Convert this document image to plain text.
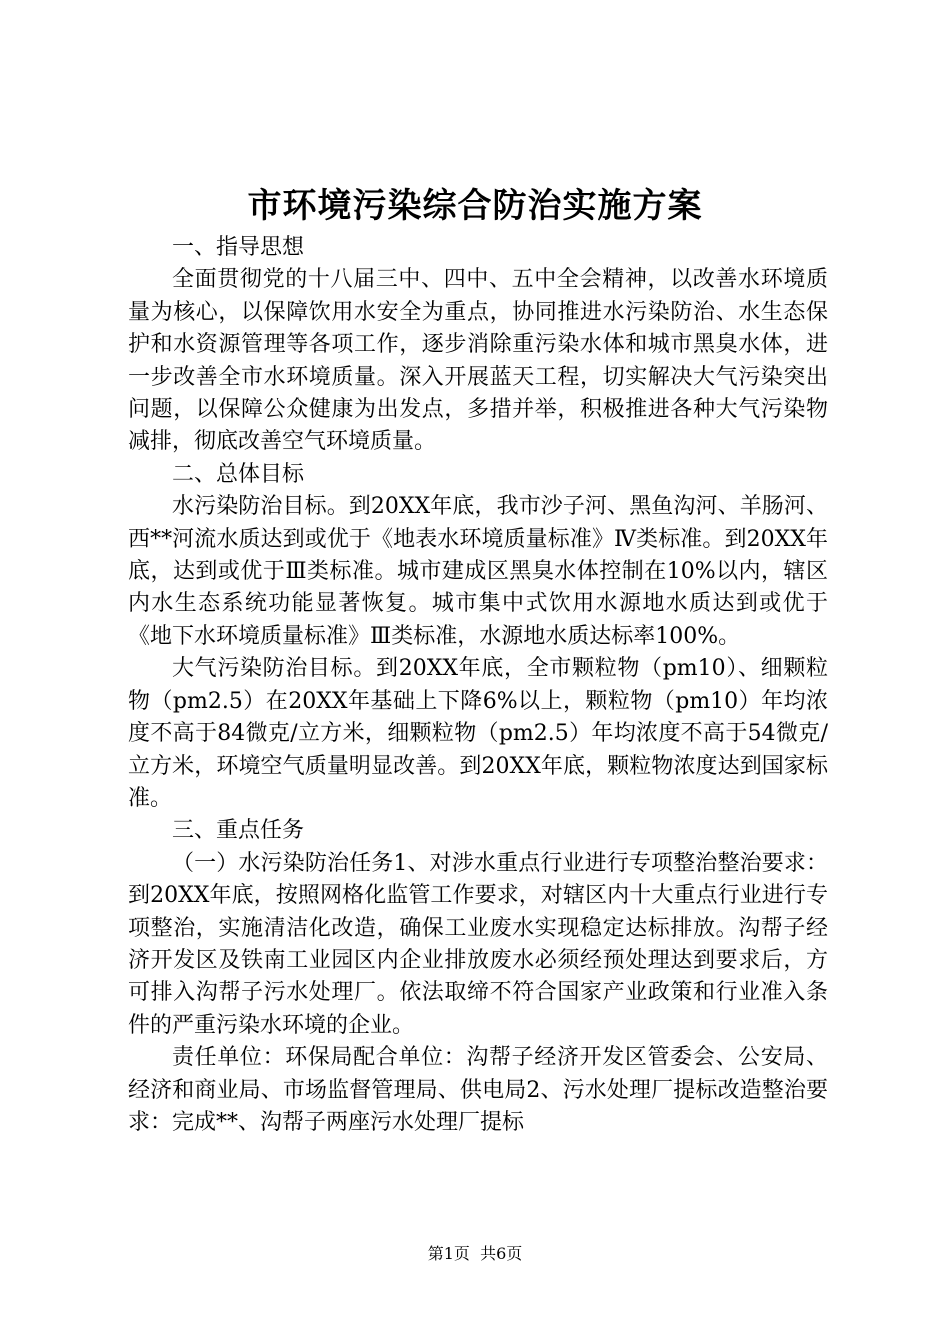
市环境污染综合防治实施方案

一、指导思想

全面贯彻党的十八届三中、四中、五中全会精神，以改善水环境质量为核心，以保障饮用水安全为重点，协同推进水污染防治、水生态保护和水资源管理等各项工作，逐步消除重污染水体和城市黑臭水体，进一步改善全市水环境质量。深入开展蓝天工程，切实解决大气污染突出问题，以保障公众健康为出发点，多措并举，积极推进各种大气污染物减排，彻底改善空气环境质量。

二、总体目标

水污染防治目标。到20XX年底，我市沙子河、黑鱼沟河、羊肠河、西**河流水质达到或优于《地表水环境质量标准》Ⅳ类标准。到20XX年底，达到或优于Ⅲ类标准。城市建成区黑臭水体控制在10%以内，辖区内水生态系统功能显著恢复。城市集中式饮用水源地水质达到或优于《地下水环境质量标准》Ⅲ类标准，水源地水质达标率100%。

大气污染防治目标。到20XX年底，全市颗粒物（pm10）、细颗粒物（pm2.5）在20XX年基础上下降6%以上，颗粒物（pm10）年均浓度不高于84微克/立方米，细颗粒物（pm2.5）年均浓度不高于54微克/立方米，环境空气质量明显改善。到20XX年底，颗粒物浓度达到国家标准。

三、重点任务

（一）水污染防治任务1、对涉水重点行业进行专项整治整治要求：到20XX年底，按照网格化监管工作要求，对辖区内十大重点行业进行专项整治，实施清洁化改造，确保工业废水实现稳定达标排放。沟帮子经济开发区及铁南工业园区内企业排放废水必须经预处理达到要求后，方可排入沟帮子污水处理厂。依法取缔不符合国家产业政策和行业准入条件的严重污染水环境的企业。

责任单位：环保局配合单位：沟帮子经济开发区管委会、公安局、经济和商业局、市场监督管理局、供电局2、污水处理厂提标改造整治要求：完成**、沟帮子两座污水处理厂提标

第1页 共6页
